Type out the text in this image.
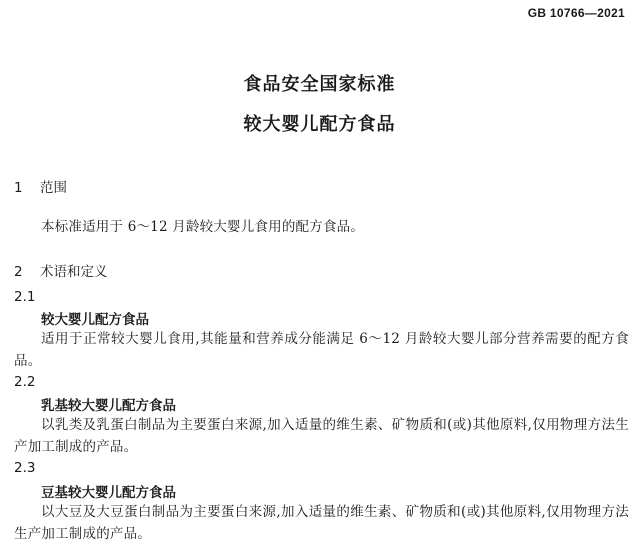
GB 10766—2021
食品安全国家标准
较大婴儿配方食品
1 范围
本标准适用于 6～12 月龄较大婴儿食用的配方食品。
2 术语和定义
2.1
较大婴儿配方食品
适用于正常较大婴儿食用,其能量和营养成分能满足 6～12 月龄较大婴儿部分营养需要的配方食品。
2.2
乳基较大婴儿配方食品
以乳类及乳蛋白制品为主要蛋白来源,加入适量的维生素、矿物质和(或)其他原料,仅用物理方法生产加工制成的产品。
2.3
豆基较大婴儿配方食品
以大豆及大豆蛋白制品为主要蛋白来源,加入适量的维生素、矿物质和(或)其他原料,仅用物理方法生产加工制成的产品。
